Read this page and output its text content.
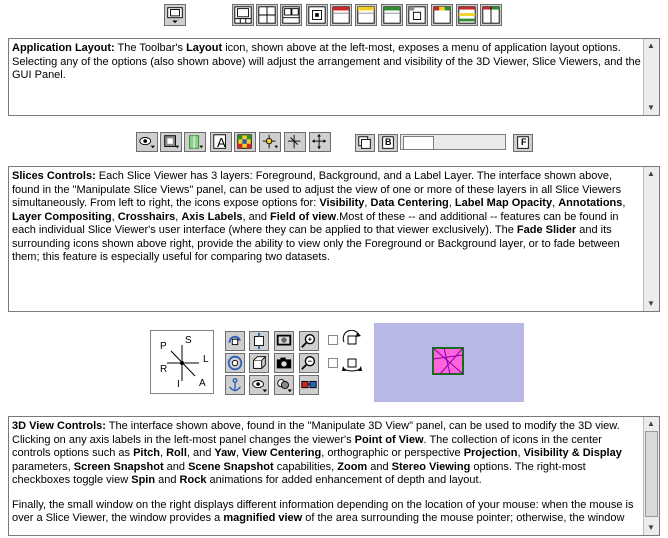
Application Layout: The Toolbar's Layout icon, shown above at the left-most, exposes a menu of application layout options. Selecting any of the options (also shown above) will adjust the arrangement and visibility of the 3D Viewer, Slice Viewers, and the GUI Panel.
▲
▼
A	B	F
Slices Controls: Each Slice Viewer has 3 layers: Foreground, Background, and a Label Layer. The interface shown above, found in the "Manipulate Slice Views" panel, can be used to adjust the view of one or more of these layers in all Slice Viewers simultaneously. From left to right, the icons expose options for: Visibility, Data Centering, Label Map Opacity, Annotations, Layer Compositing, Crosshairs, Axis Labels, and Field of view.Most of these -- and additional -- features can be found in each individual Slice Viewer's user interface (where they can be applied to that viewer exclusively). The Fade Slider and its surrounding icons shown above right, provide the ability to view only the Foreground or Background layer, or to fade between them; this feature is especially useful for comparing two datasets.
▲
▼
P
S
L
R
I A

3D View Controls: The interface shown above, found in the "Manipulate 3D View" panel, can be used to modify the 3D view. Clicking on any axis labels in the left-most panel changes the viewer's Point of View. The collection of icons in the center controls options such as Pitch, Roll, and Yaw, View Centering, orthographic or perspective Projection, Visibility & Display parameters, Screen Snapshot and Scene Snapshot capabilities, Zoom and Stereo Viewing options. The right-most checkboxes toggle view Spin and Rock animations for added enhancement of depth and layout.

Finally, the small window on the right displays different information depending on the location of your mouse: when the mouse is over a Slice Viewer, the window provides a magnified view of the area surrounding the mouse pointer; otherwise, the window

▲
▼
